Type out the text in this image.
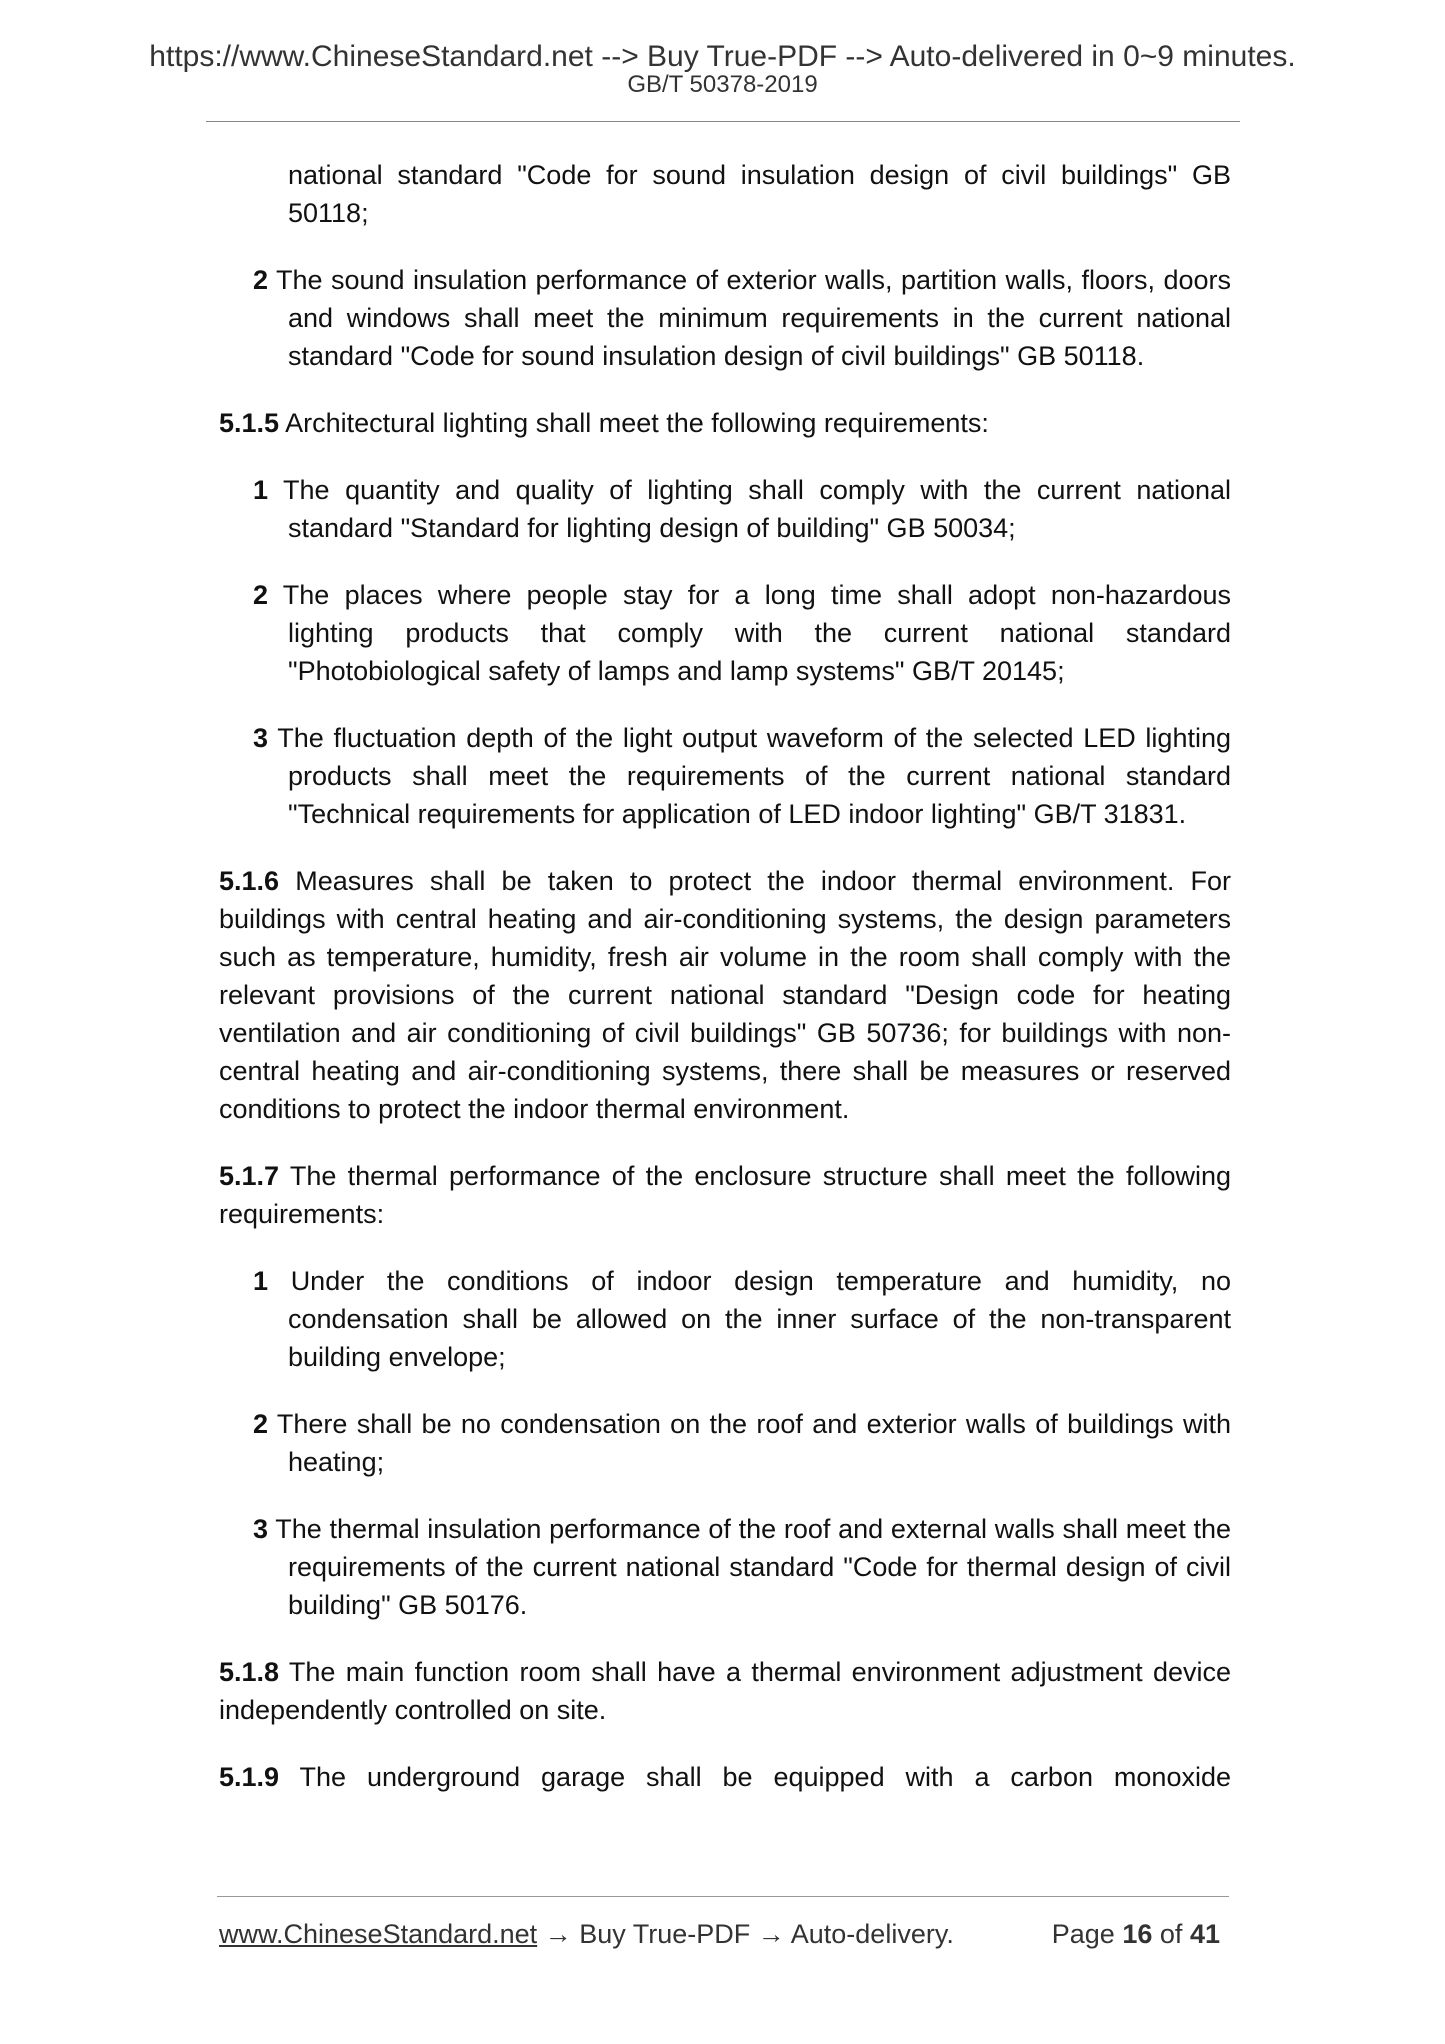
https://www.ChineseStandard.net --> Buy True-PDF --> Auto-delivered in 0~9 minutes.
GB/T 50378-2019

national standard "Code for sound insulation design of civil buildings" GB 50118;

2 The sound insulation performance of exterior walls, partition walls, floors, doors and windows shall meet the minimum requirements in the current national standard "Code for sound insulation design of civil buildings" GB 50118.

5.1.5 Architectural lighting shall meet the following requirements:

1 The quantity and quality of lighting shall comply with the current national standard "Standard for lighting design of building" GB 50034;

2 The places where people stay for a long time shall adopt non-hazardous lighting products that comply with the current national standard "Photobiological safety of lamps and lamp systems" GB/T 20145;

3 The fluctuation depth of the light output waveform of the selected LED lighting products shall meet the requirements of the current national standard "Technical requirements for application of LED indoor lighting" GB/T 31831.

5.1.6 Measures shall be taken to protect the indoor thermal environment. For buildings with central heating and air-conditioning systems, the design parameters such as temperature, humidity, fresh air volume in the room shall comply with the relevant provisions of the current national standard "Design code for heating ventilation and air conditioning of civil buildings" GB 50736; for buildings with non-central heating and air-conditioning systems, there shall be measures or reserved conditions to protect the indoor thermal environment.

5.1.7 The thermal performance of the enclosure structure shall meet the following requirements:

1 Under the conditions of indoor design temperature and humidity, no condensation shall be allowed on the inner surface of the non-transparent building envelope;

2 There shall be no condensation on the roof and exterior walls of buildings with heating;

3 The thermal insulation performance of the roof and external walls shall meet the requirements of the current national standard "Code for thermal design of civil building" GB 50176.

5.1.8 The main function room shall have a thermal environment adjustment device independently controlled on site.

5.1.9 The underground garage shall be equipped with a carbon monoxide

www.ChineseStandard.net → Buy True-PDF → Auto-delivery.	Page 16 of 41
